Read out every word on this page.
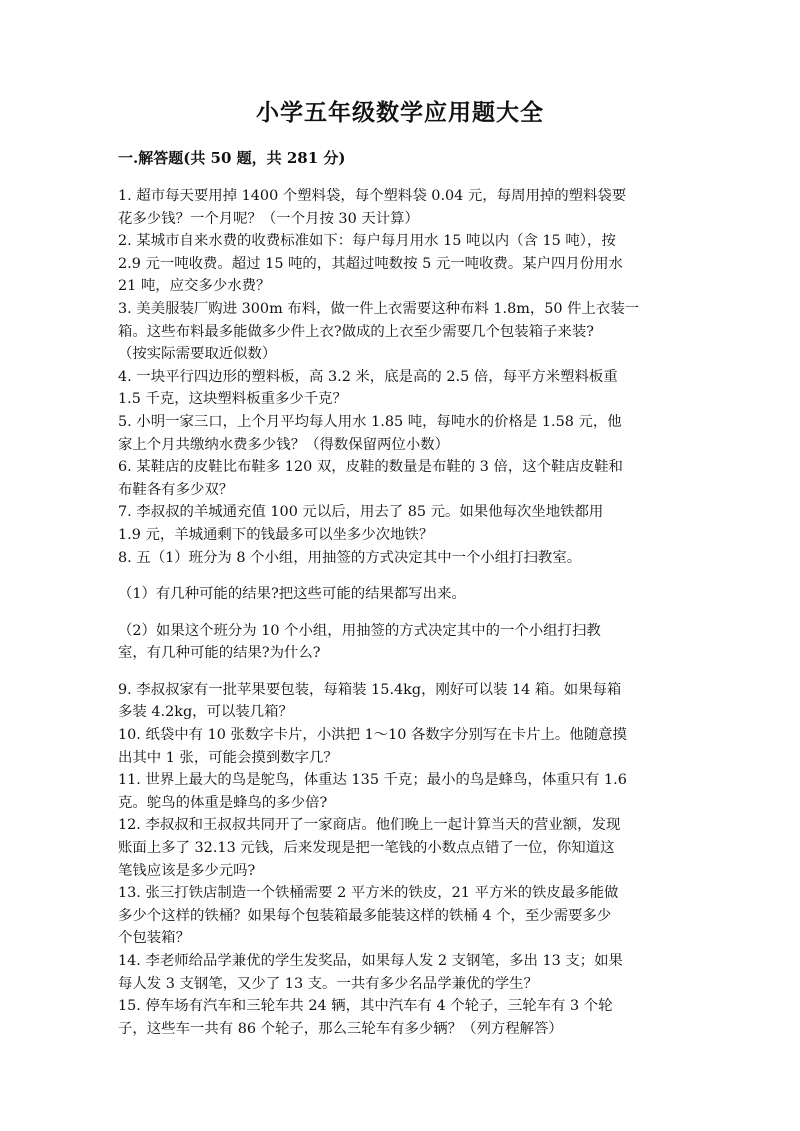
小学五年级数学应用题大全
一.解答题(共 50 题，共 281 分)

1. 超市每天要用掉 1400 个塑料袋，每个塑料袋 0.04 元，每周用掉的塑料袋要

花多少钱？一个月呢？（一个月按 30 天计算）

2. 某城市自来水费的收费标准如下：每户每月用水 15 吨以内（含 15 吨），按

2.9 元一吨收费。超过 15 吨的，其超过吨数按 5 元一吨收费。某户四月份用水

21 吨，应交多少水费？

3. 美美服装厂购进 300m 布料，做一件上衣需要这种布料 1.8m，50 件上衣装一

箱。这些布料最多能做多少件上衣?做成的上衣至少需要几个包装箱子来装?

（按实际需要取近似数）

4. 一块平行四边形的塑料板，高 3.2 米，底是高的 2.5 倍，每平方米塑料板重

1.5 千克，这块塑料板重多少千克？

5. 小明一家三口，上个月平均每人用水 1.85 吨，每吨水的价格是 1.58 元，他

家上个月共缴纳水费多少钱？（得数保留两位小数）

6. 某鞋店的皮鞋比布鞋多 120 双，皮鞋的数量是布鞋的 3 倍，这个鞋店皮鞋和

布鞋各有多少双？

7. 李叔叔的羊城通充值 100 元以后，用去了 85 元。如果他每次坐地铁都用

1.9 元，羊城通剩下的钱最多可以坐多少次地铁？

8. 五（1）班分为 8 个小组，用抽签的方式决定其中一个小组打扫教室。

（1）有几种可能的结果?把这些可能的结果都写出来。

（2）如果这个班分为 10 个小组，用抽签的方式决定其中的一个小组打扫教

室，有几种可能的结果?为什么?

9. 李叔叔家有一批苹果要包装，每箱装 15.4kg，刚好可以装 14 箱。如果每箱

多装 4.2kg，可以装几箱？

10. 纸袋中有 10 张数字卡片，小洪把 1～10 各数字分别写在卡片上。他随意摸

出其中 1 张，可能会摸到数字几？

11. 世界上最大的鸟是鸵鸟，体重达 135 千克；最小的鸟是蜂鸟，体重只有 1.6

克。鸵鸟的体重是蜂鸟的多少倍?

12. 李叔叔和王叔叔共同开了一家商店。他们晚上一起计算当天的营业额，发现

账面上多了 32.13 元钱，后来发现是把一笔钱的小数点点错了一位，你知道这

笔钱应该是多少元吗?

13. 张三打铁店制造一个铁桶需要 2 平方米的铁皮，21 平方米的铁皮最多能做

多少个这样的铁桶？如果每个包装箱最多能装这样的铁桶 4 个，至少需要多少

个包装箱？

14. 李老师给品学兼优的学生发奖品，如果每人发 2 支钢笔，多出 13 支；如果

每人发 3 支钢笔，又少了 13 支。一共有多少名品学兼优的学生？

15. 停车场有汽车和三轮车共 24 辆，其中汽车有 4 个轮子，三轮车有 3 个轮

子，这些车一共有 86 个轮子，那么三轮车有多少辆？（列方程解答）
